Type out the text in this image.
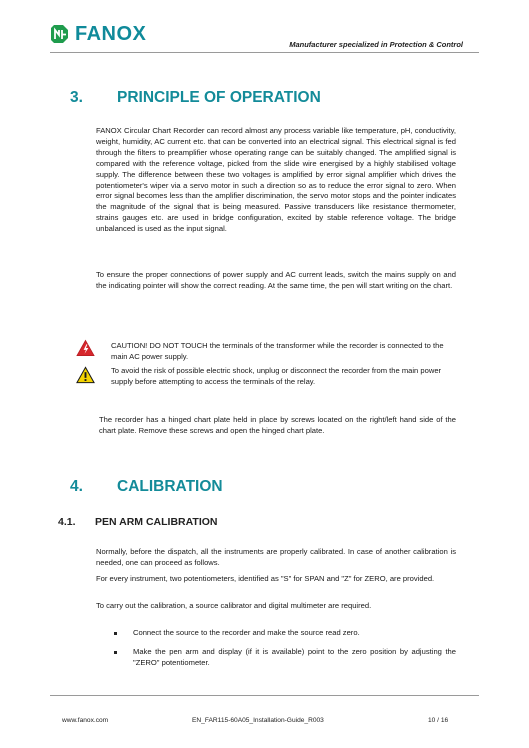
FANOX	Manufacturer specialized in Protection & Control
3. PRINCIPLE OF OPERATION
FANOX Circular Chart Recorder can record almost any process variable like temperature, pH, conductivity, weight, humidity, AC current etc. that can be converted into an electrical signal. This electrical signal is fed through the filters to preamplifier whose operating range can be suitably changed. The amplified signal is compared with the reference voltage, picked from the slide wire energised by a highly stabilised voltage supply. The difference between these two voltages is amplified by error signal amplifier which drives the potentiometer's wiper via a servo motor in such a direction so as to reduce the error signal to zero. When error signal becomes less than the amplifier discrimination, the servo motor stops and the pointer indicates the magnitude of the signal that is being measured. Passive transducers like resistance thermometer, strains gauges etc. are used in bridge configuration, excited by stable reference voltage. The bridge unbalanced is used as the input signal.
To ensure the proper connections of power supply and AC current leads, switch the mains supply on and the indicating pointer will show the correct reading. At the same time, the pen will start writing on the chart.
CAUTION! DO NOT TOUCH the terminals of the transformer while the recorder is connected to the main AC power supply.
To avoid the risk of possible electric shock, unplug or disconnect the recorder from the main power supply before attempting to access the terminals of the relay.
The recorder has a hinged chart plate held in place by screws located on the right/left hand side of the chart plate. Remove these screws and open the hinged chart plate.
4. CALIBRATION
4.1. PEN ARM CALIBRATION
Normally, before the dispatch, all the instruments are properly calibrated. In case of another calibration is needed, one can proceed as follows.
For every instrument, two potentiometers, identified as "S" for SPAN and "Z" for ZERO, are provided.
To carry out the calibration, a source calibrator and digital multimeter are required.
Connect the source to the recorder and make the source read zero.
Make the pen arm and display (if it is available) point to the zero position by adjusting the "ZERO" potentiometer.
www.fanox.com	EN_FAR115-60A05_Installation-Guide_R003	10 / 16
